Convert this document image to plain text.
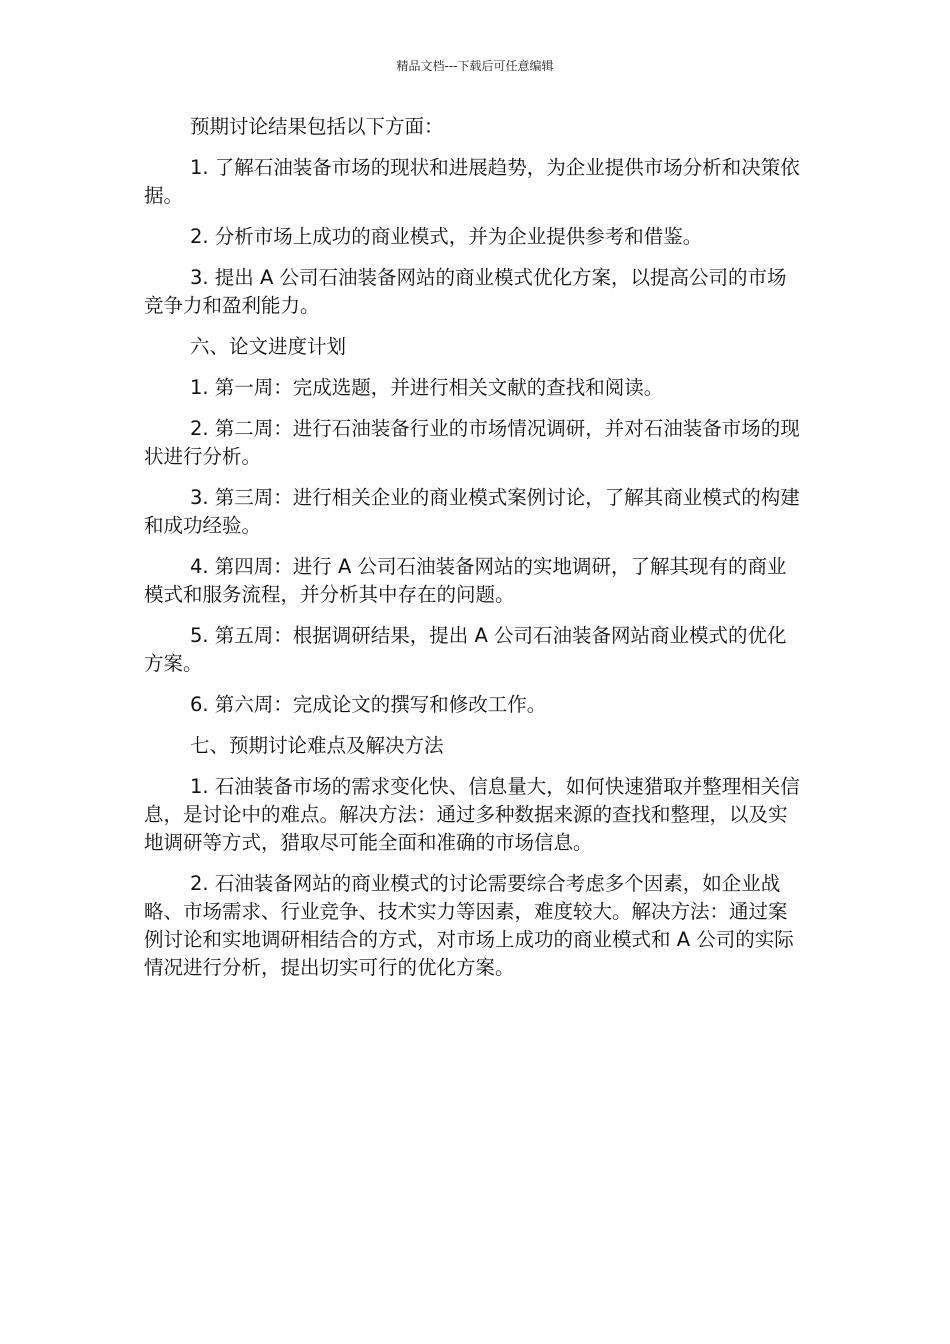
精品文档---下载后可任意编辑

预期讨论结果包括以下方面：

1. 了解石油装备市场的现状和进展趋势，为企业提供市场分析和决策依据。

2. 分析市场上成功的商业模式，并为企业提供参考和借鉴。

3. 提出 A 公司石油装备网站的商业模式优化方案，以提高公司的市场竞争力和盈利能力。

六、论文进度计划

1. 第一周：完成选题，并进行相关文献的查找和阅读。

2. 第二周：进行石油装备行业的市场情况调研，并对石油装备市场的现状进行分析。

3. 第三周：进行相关企业的商业模式案例讨论，了解其商业模式的构建和成功经验。

4. 第四周：进行 A 公司石油装备网站的实地调研，了解其现有的商业模式和服务流程，并分析其中存在的问题。

5. 第五周：根据调研结果，提出 A 公司石油装备网站商业模式的优化方案。

6. 第六周：完成论文的撰写和修改工作。

七、预期讨论难点及解决方法

1. 石油装备市场的需求变化快、信息量大，如何快速猎取并整理相关信息，是讨论中的难点。解决方法：通过多种数据来源的查找和整理，以及实地调研等方式，猎取尽可能全面和准确的市场信息。

2. 石油装备网站的商业模式的讨论需要综合考虑多个因素，如企业战略、市场需求、行业竞争、技术实力等因素，难度较大。解决方法：通过案例讨论和实地调研相结合的方式，对市场上成功的商业模式和 A 公司的实际情况进行分析，提出切实可行的优化方案。
